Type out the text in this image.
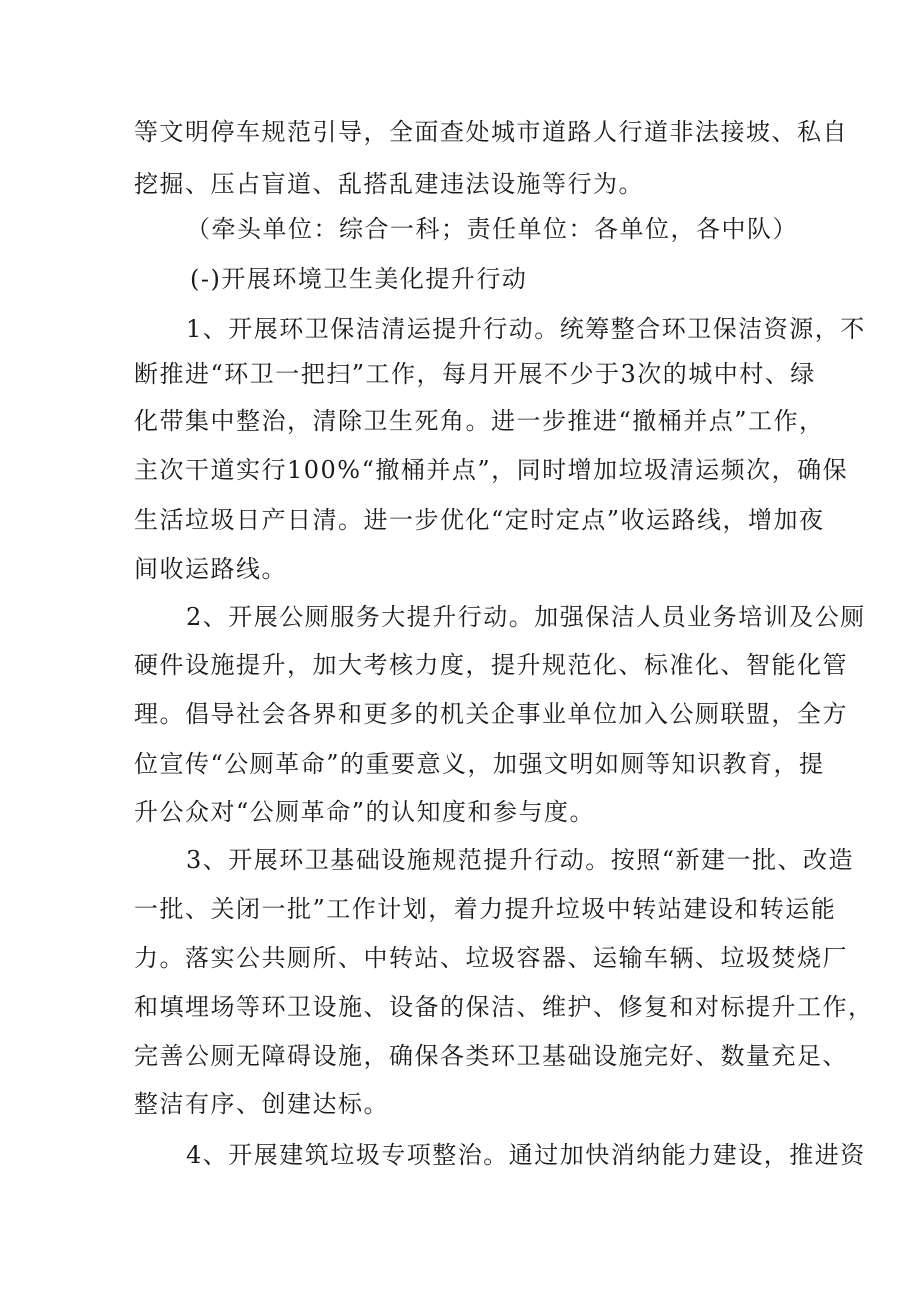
等文明停车规范引导，全面查处城市道路人行道非法接坡、私自
挖掘、压占盲道、乱搭乱建违法设施等行为。
（牵头单位：综合一科；责任单位：各单位，各中队）
(-)开展环境卫生美化提升行动
1、开展环卫保洁清运提升行动。统筹整合环卫保洁资源，不
断推进“环卫一把扫”工作，每月开展不少于3次的城中村、绿
化带集中整治，清除卫生死角。进一步推进“撤桶并点”工作，
主次干道实行100%“撤桶并点”，同时增加垃圾清运频次，确保
生活垃圾日产日清。进一步优化“定时定点”收运路线，增加夜
间收运路线。
2、开展公厕服务大提升行动。加强保洁人员业务培训及公厕
硬件设施提升，加大考核力度，提升规范化、标准化、智能化管
理。倡导社会各界和更多的机关企事业单位加入公厕联盟，全方
位宣传“公厕革命”的重要意义，加强文明如厕等知识教育，提
升公众对“公厕革命”的认知度和参与度。
3、开展环卫基础设施规范提升行动。按照“新建一批、改造
一批、关闭一批”工作计划，着力提升垃圾中转站建设和转运能
力。落实公共厕所、中转站、垃圾容器、运输车辆、垃圾焚烧厂
和填埋场等环卫设施、设备的保洁、维护、修复和对标提升工作，
完善公厕无障碍设施，确保各类环卫基础设施完好、数量充足、
整洁有序、创建达标。
4、开展建筑垃圾专项整治。通过加快消纳能力建设，推进资
